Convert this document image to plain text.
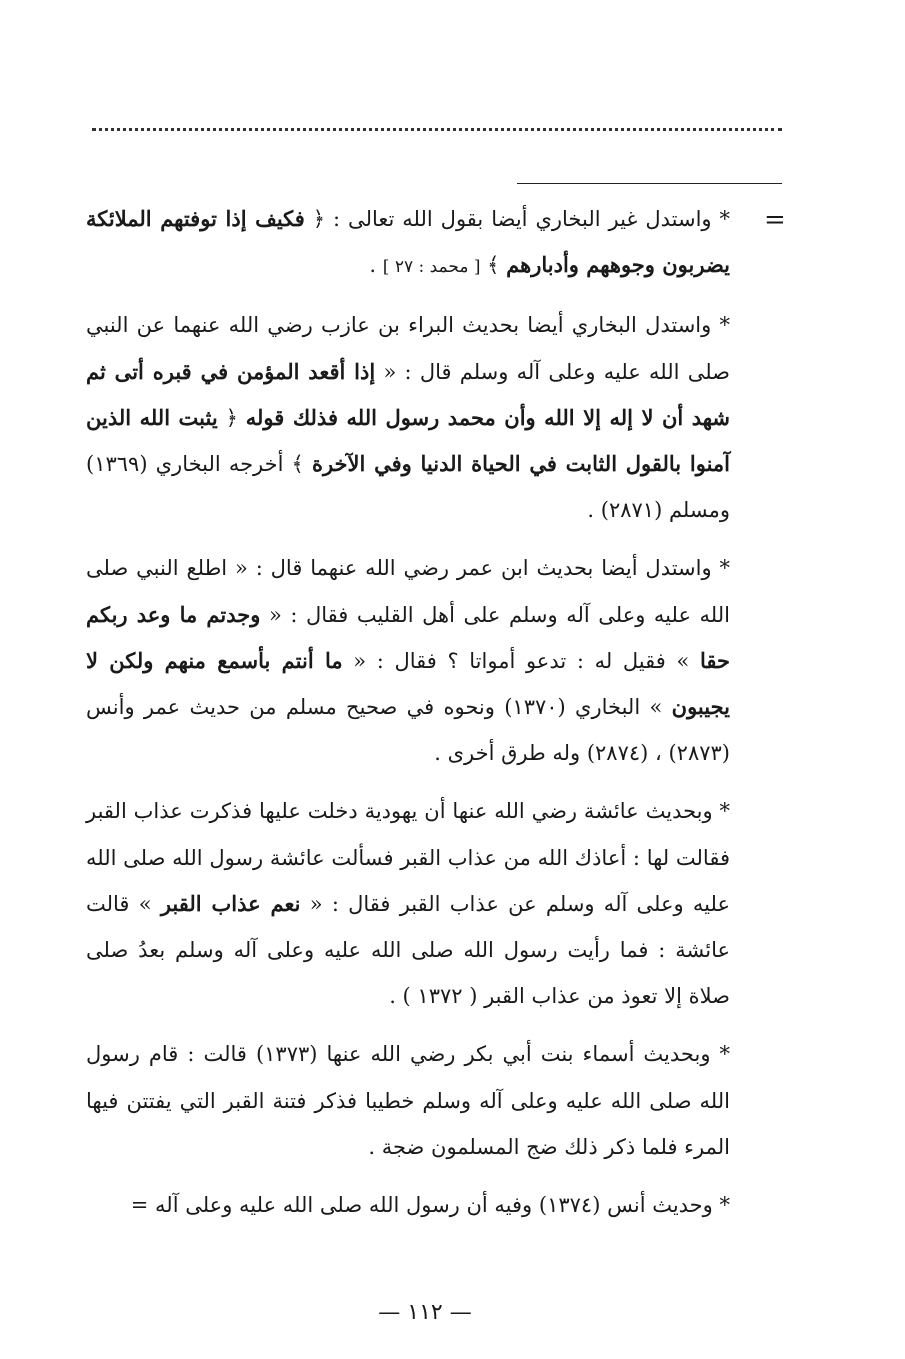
=

* واستدل غير البخاري أيضا بقول الله تعالى : ﴿ فكيف إذا توفتهم الملائكة يضربون وجوههم وأدبارهم ﴾ [ محمد : ٢٧ ] .

* واستدل البخاري أيضا بحديث البراء بن عازب رضي الله عنهما عن النبي صلى الله عليه وعلى آله وسلم قال : « إذا أقعد المؤمن في قبره أتى ثم شهد أن لا إله إلا الله وأن محمد رسول الله فذلك قوله ﴿ يثبت الله الذين آمنوا بالقول الثابت في الحياة الدنيا وفي الآخرة ﴾ أخرجه البخاري (١٣٦٩) ومسلم (٢٨٧١) .

* واستدل أيضا بحديث ابن عمر رضي الله عنهما قال : « اطلع النبي صلى الله عليه وعلى آله وسلم على أهل القليب فقال : « وجدتم ما وعد ربكم حقا » فقيل له : تدعو أمواتا ؟ فقال : « ما أنتم بأسمع منهم ولكن لا يجيبون » البخاري (١٣٧٠) ونحوه في صحيح مسلم من حديث عمر وأنس (٢٨٧٣) ، (٢٨٧٤) وله طرق أخرى .

* وبحديث عائشة رضي الله عنها أن يهودية دخلت عليها فذكرت عذاب القبر فقالت لها : أعاذك الله من عذاب القبر فسألت عائشة رسول الله صلى الله عليه وعلى آله وسلم عن عذاب القبر فقال : « نعم عذاب القبر » قالت عائشة : فما رأيت رسول الله صلى الله عليه وعلى آله وسلم بعدُ صلى صلاة إلا تعوذ من عذاب القبر ( ١٣٧٢ ) .

* وبحديث أسماء بنت أبي بكر رضي الله عنها (١٣٧٣) قالت : قام رسول الله صلى الله عليه وعلى آله وسلم خطيبا فذكر فتنة القبر التي يفتتن فيها المرء فلما ذكر ذلك ضج المسلمون ضجة .

* وحديث أنس (١٣٧٤) وفيه أن رسول الله صلى الله عليه وعلى آله =

— ١١٢ —
